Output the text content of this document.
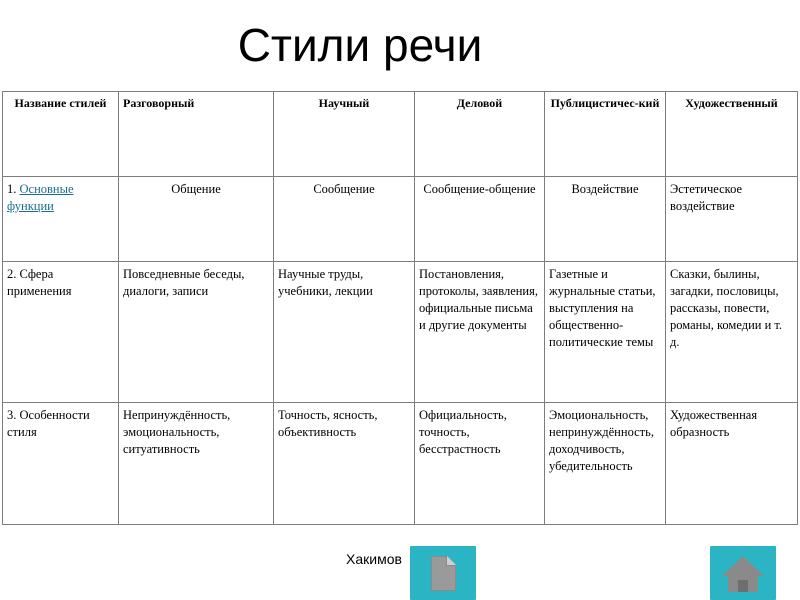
Стили речи
Название стилей	Разговорный	Научный	Деловой	Публицистичес-кий	Художественный
1. Основные функции	Общение	Сообщение	Сообщение-общение	Воздействие	Эстетическое воздействие
2. Сфера применения	Повседневные беседы, диалоги, записи	Научные труды, учебники, лекции	Постановления, протоколы, заявления, официальные письма и другие документы	Газетные и журнальные статьи, выступления на общественно-политические темы	Сказки, былины, загадки, пословицы, рассказы, повести, романы, комедии и т. д.
3. Особенности стиля	Непринуждённость, эмоциональность, ситуативность	Точность, ясность, объективность	Официальность, точность, бесстрастность	Эмоциональность, непринуждённость, доходчивость, убедительность	Художественная образность
Хакимов
